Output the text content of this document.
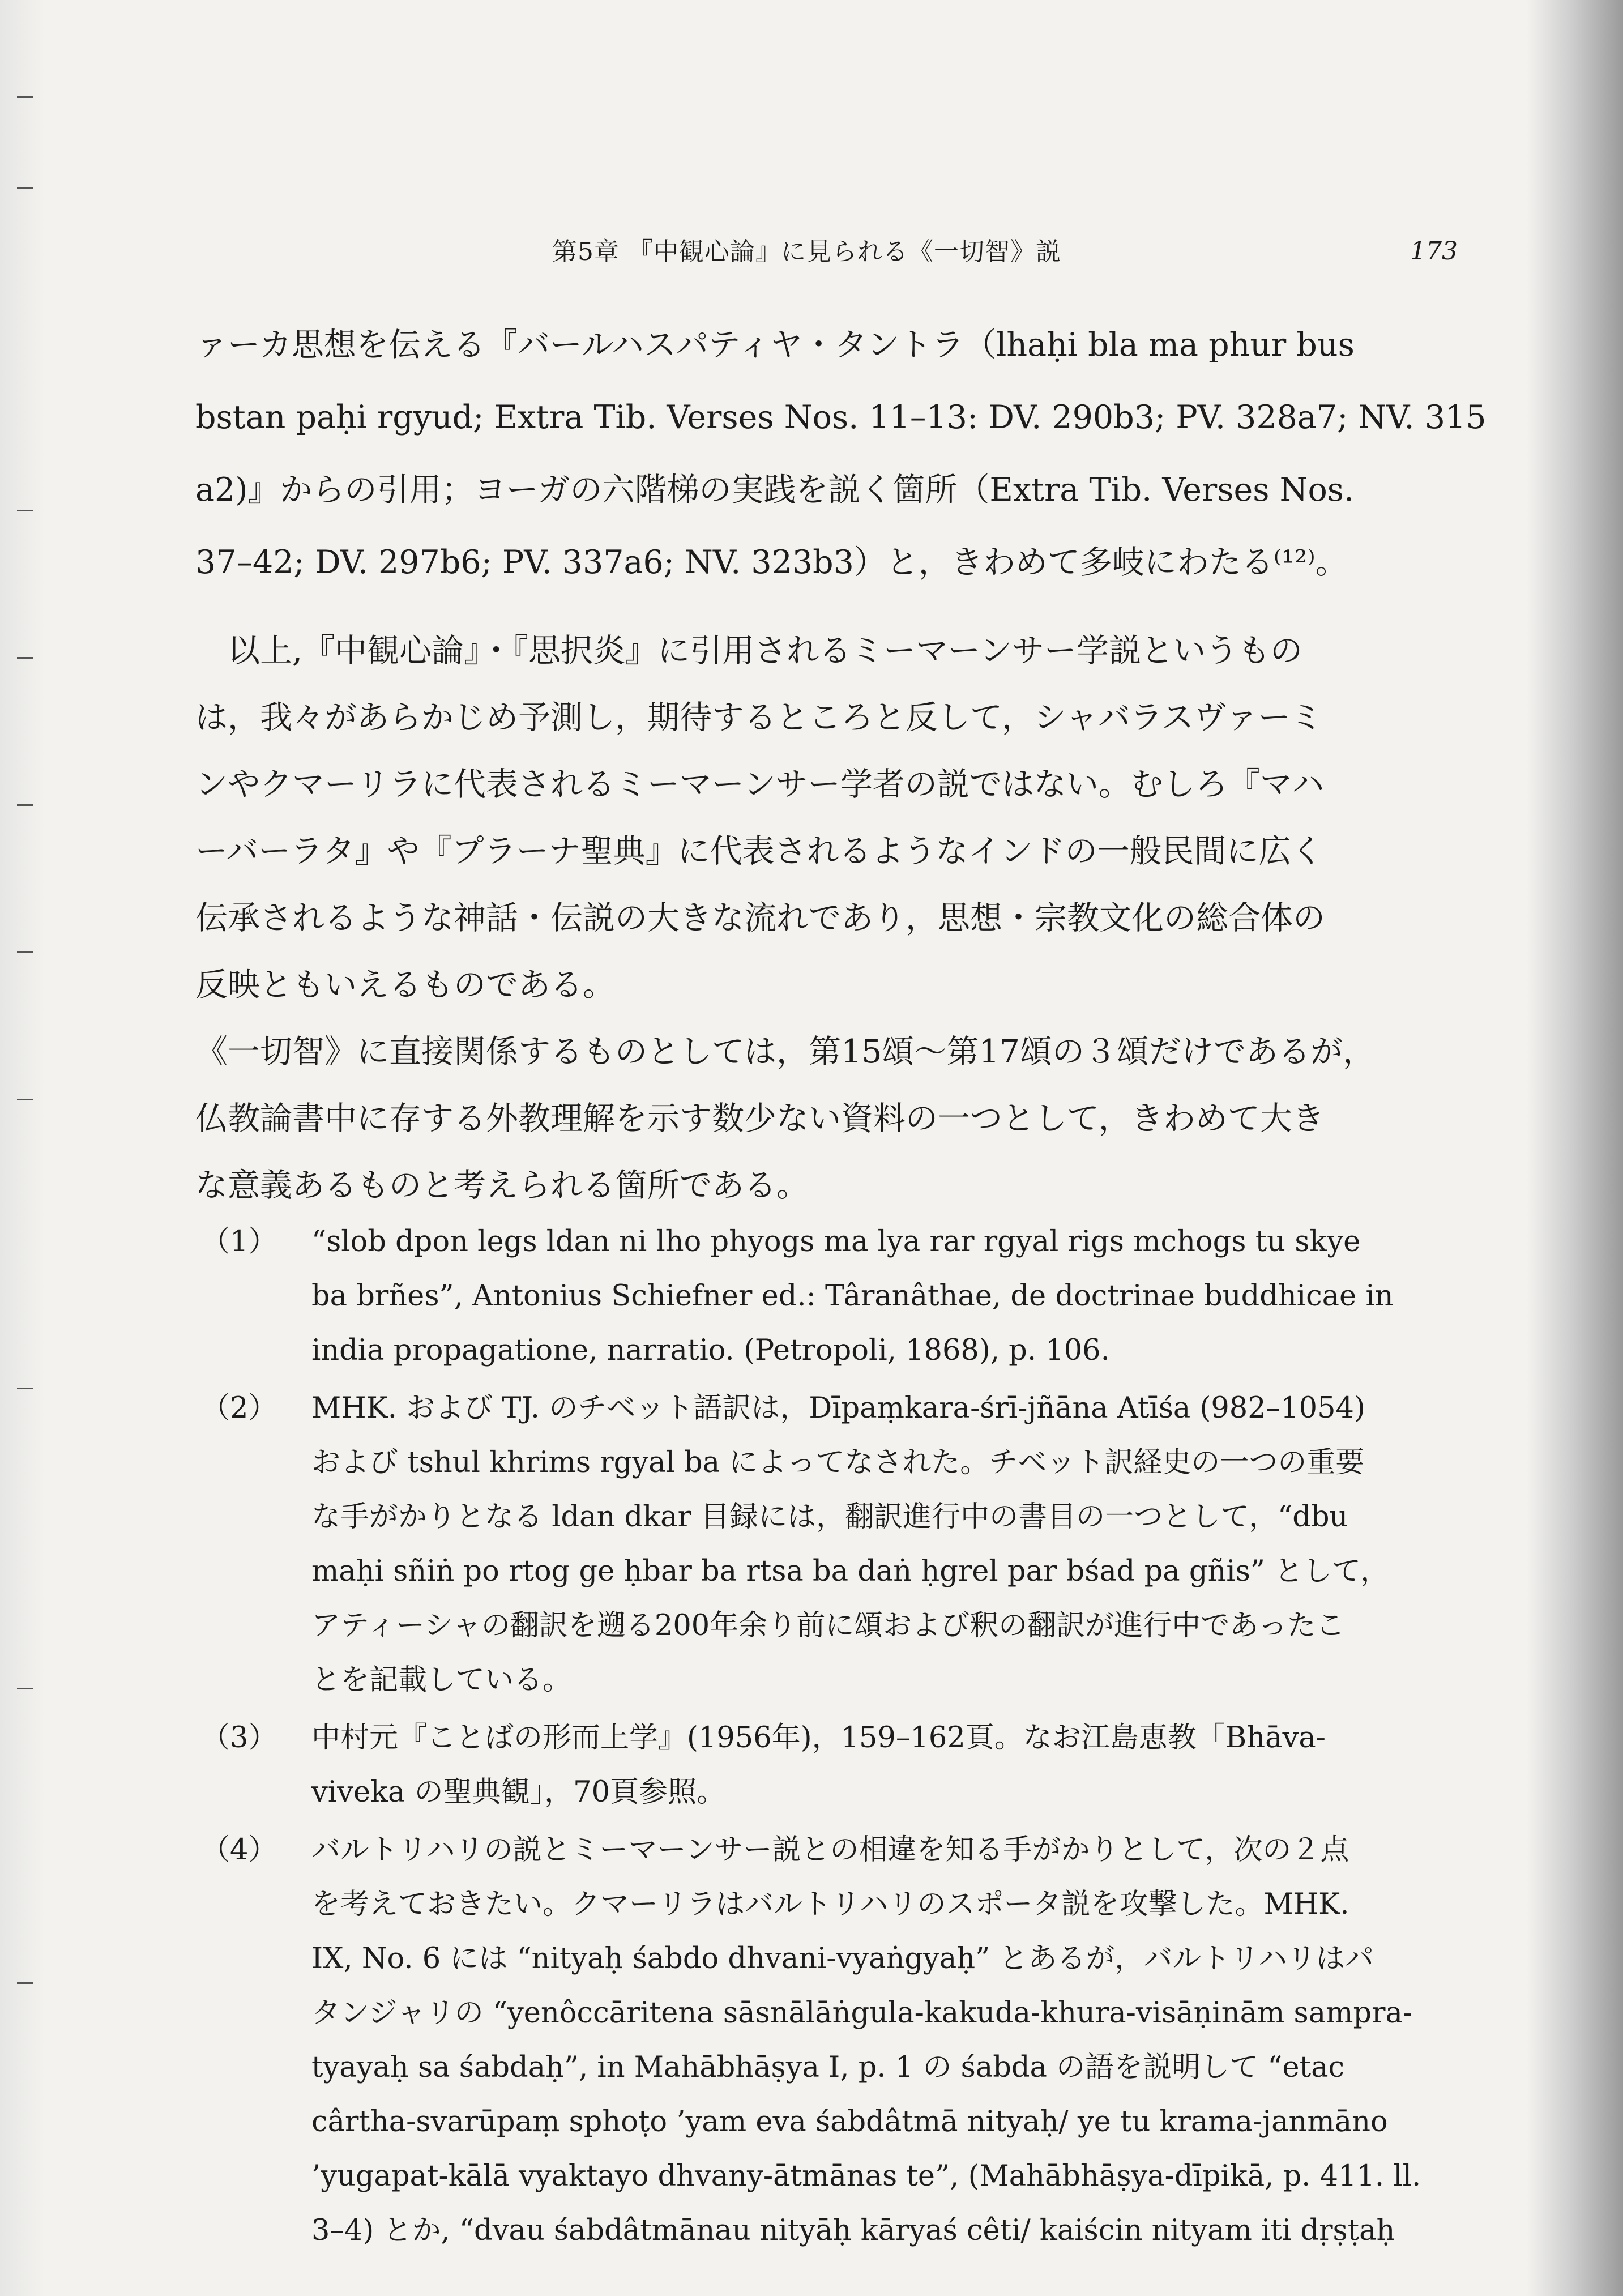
第5章 『中観心論』に見られる《一切智》説	173
ァーカ思想を伝える『バールハスパティヤ・タントラ（lhaḥi bla ma phur bus
bstan paḥi rgyud; Extra Tib. Verses Nos. 11–13: DV. 290b3; PV. 328a7; NV. 315
a2)』からの引用；ヨーガの六階梯の実践を説く箇所（Extra Tib. Verses Nos.
37–42; DV. 297b6; PV. 337a6; NV. 323b3）と，きわめて多岐にわたる⁽¹²⁾。
　以上,『中観心論』・『思択炎』に引用されるミーマーンサー学説というもの
は，我々があらかじめ予測し，期待するところと反して，シャバラスヴァーミ
ンやクマーリラに代表されるミーマーンサー学者の説ではない。むしろ『マハ
ーバーラタ』や『プラーナ聖典』に代表されるようなインドの一般民間に広く
伝承されるような神話・伝説の大きな流れであり，思想・宗教文化の総合体の
反映ともいえるものである。
《一切智》に直接関係するものとしては，第15頌〜第17頌の３頌だけであるが，
仏教論書中に存する外教理解を示す数少ない資料の一つとして，きわめて大き
な意義あるものと考えられる箇所である。
（1）	“slob dpon legs ldan ni lho phyogs ma lya rar rgyal rigs mchogs tu skye
ba brñes”, Antonius Schiefner ed.: Târanâthae, de doctrinae buddhicae in
india propagatione, narratio. (Petropoli, 1868), p. 106.
（2）	MHK. および TJ. のチベット語訳は，Dīpaṃkara-śrī-jñāna Atīśa (982–1054)
および tshul khrims rgyal ba によってなされた。チベット訳経史の一つの重要
な手がかりとなる ldan dkar 目録には，翻訳進行中の書目の一つとして，“dbu
maḥi sñiṅ po rtog ge ḥbar ba rtsa ba daṅ ḥgrel par bśad pa gñis” として，
アティーシャの翻訳を遡る200年余り前に頌および釈の翻訳が進行中であったこ
とを記載している。
（3）	中村元『ことばの形而上学』(1956年)，159–162頁。なお江島恵教「Bhāva-
viveka の聖典観」，70頁参照。
（4）	バルトリハリの説とミーマーンサー説との相違を知る手がかりとして，次の２点
を考えておきたい。クマーリラはバルトリハリのスポータ説を攻撃した。MHK.
IX, No. 6 には “nityaḥ śabdo dhvani-vyaṅgyaḥ” とあるが，バルトリハリはパ
タンジャリの “yenôccāritena sāsnālāṅgula-kakuda-khura-visāṇinām sampra-
tyayaḥ sa śabdaḥ”, in Mahābhāṣya I, p. 1 の śabda の語を説明して “etac
cârtha-svarūpaṃ sphoṭo ’yam eva śabdâtmā nityaḥ/ ye tu krama-janmāno
’yugapat-kālā vyaktayo dhvany-ātmānas te”, (Mahābhāṣya-dīpikā, p. 411. ll.
3–4) とか, “dvau śabdâtmānau nityāḥ kāryaś cêti/ kaiścin nityam iti dṛṣṭaḥ
